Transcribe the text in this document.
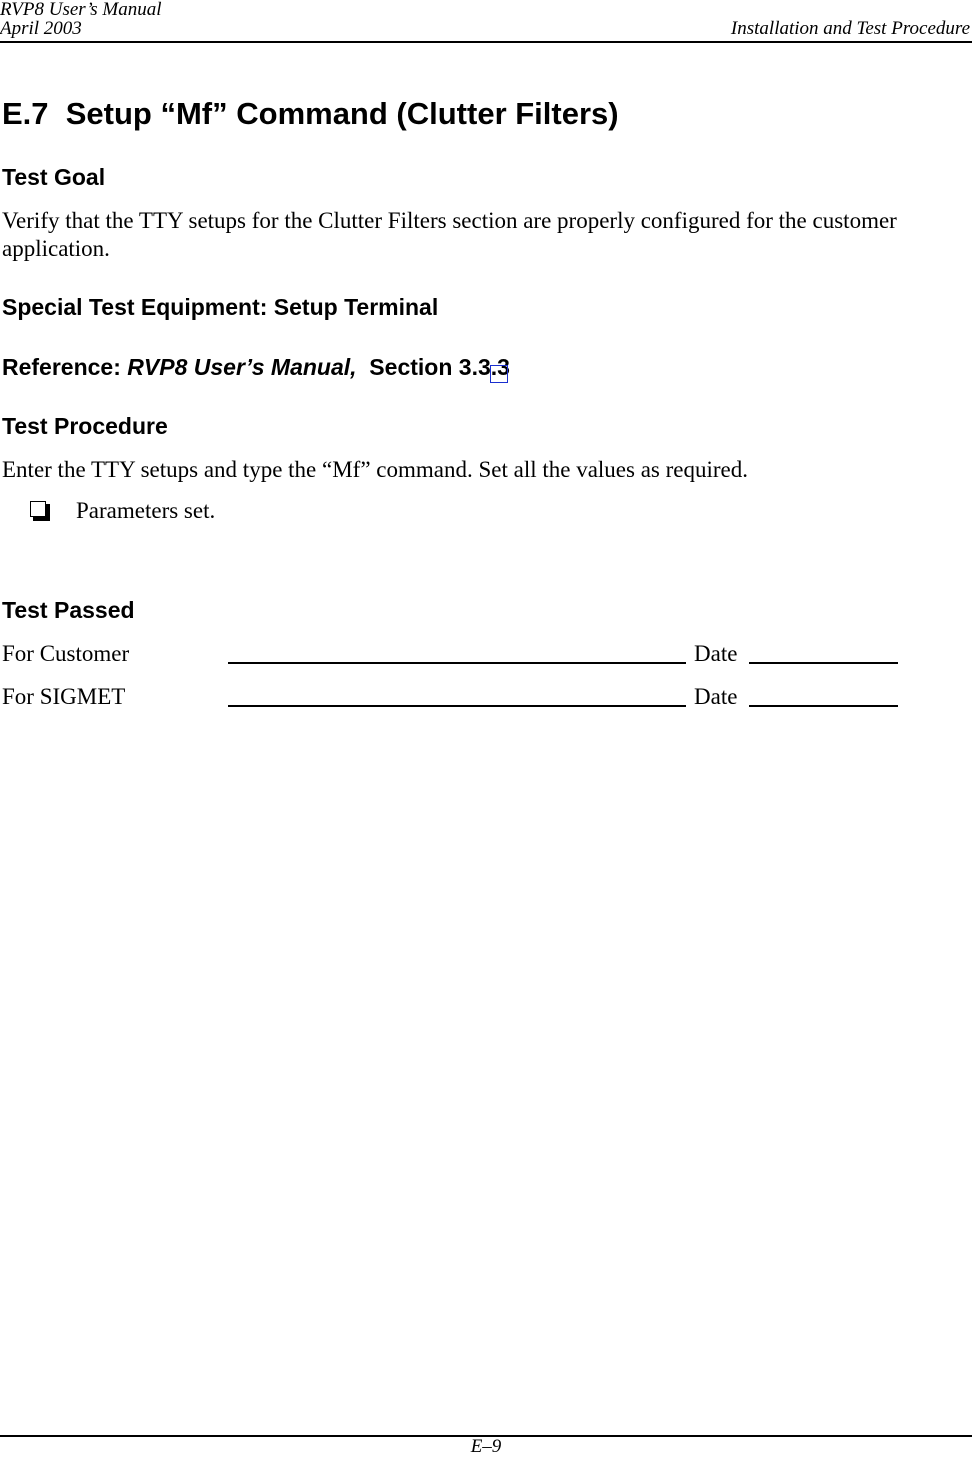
RVP8 User’s Manual
April 2003	Installation and Test Procedure
E.7  Setup “Mf” Command (Clutter Filters)
Test Goal
Verify that the TTY setups for the Clutter Filters section are properly configured for the customer application.
Special Test Equipment: Setup Terminal
Reference: RVP8 User’s Manual,  Section 3.3.3
Test Procedure
Enter the TTY setups and type the “Mf” command. Set all the values as required.
Parameters set.
Test Passed
For Customer	Date
For SIGMET	Date
E–9
